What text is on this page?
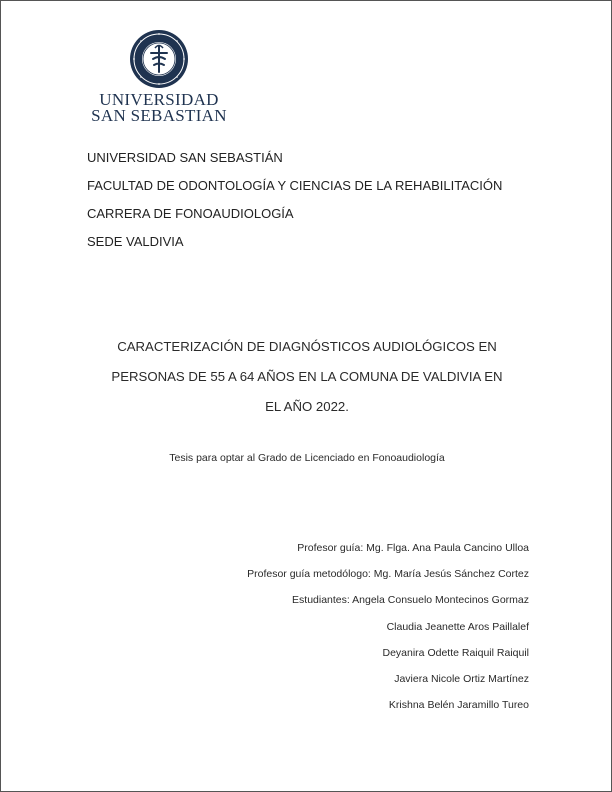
UNIVERSIDAD
SAN SEBASTIAN
UNIVERSIDAD SAN SEBASTIÁN
FACULTAD DE ODONTOLOGÍA Y CIENCIAS DE LA REHABILITACIÓN
CARRERA DE FONOAUDIOLOGÍA
SEDE VALDIVIA
CARACTERIZACIÓN DE DIAGNÓSTICOS AUDIOLÓGICOS EN
PERSONAS DE 55 A 64 AÑOS EN LA COMUNA DE VALDIVIA EN
EL AÑO 2022.
Tesis para optar al Grado de Licenciado en Fonoaudiología
Profesor guía: Mg. Flga. Ana Paula Cancino Ulloa
Profesor guía metodólogo: Mg. María Jesús Sánchez Cortez
Estudiantes: Angela Consuelo Montecinos Gormaz
Claudia Jeanette Aros Paillalef
Deyanira Odette Raiquil Raiquil
Javiera Nicole Ortiz Martínez
Krishna Belén Jaramillo Tureo
